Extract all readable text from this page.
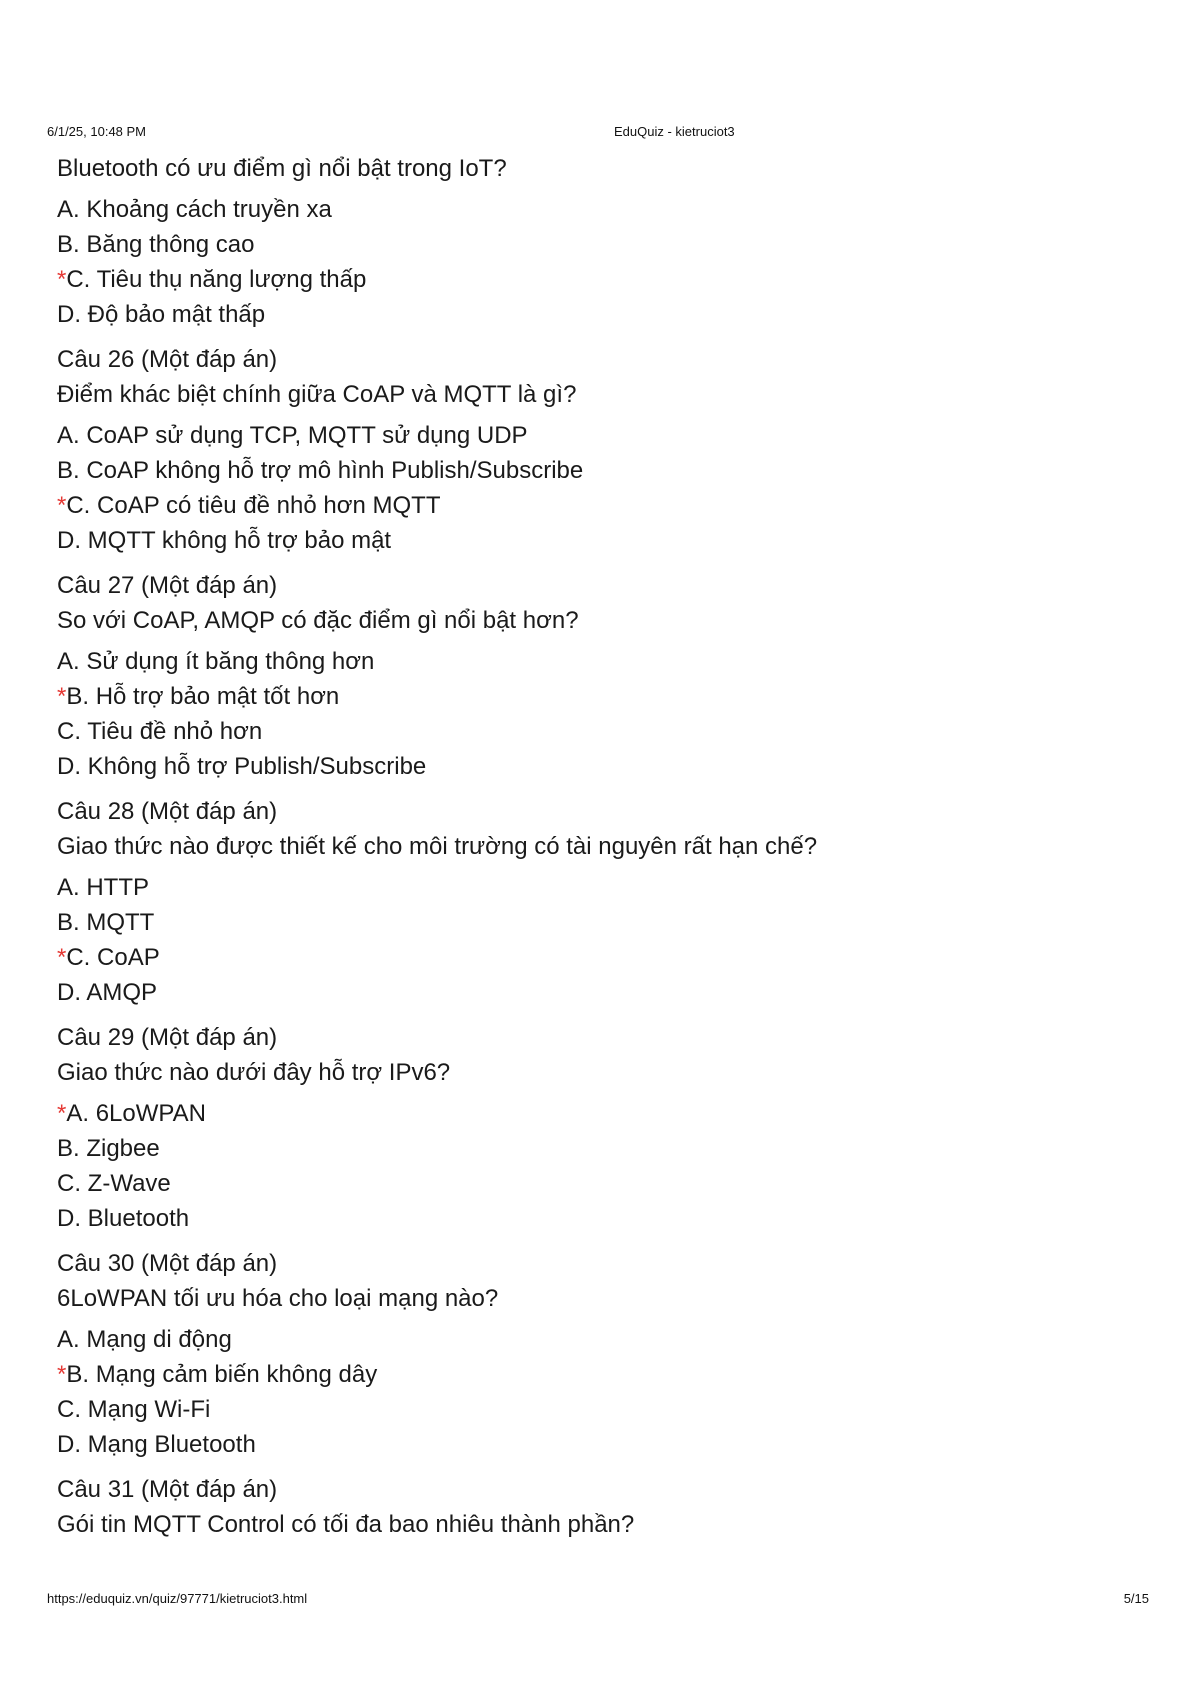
6/1/25, 10:48 PM	EduQuiz - kietruciot3
Bluetooth có ưu điểm gì nổi bật trong IoT?
A. Khoảng cách truyền xa
B. Băng thông cao
*C. Tiêu thụ năng lượng thấp
D. Độ bảo mật thấp
Câu 26 (Một đáp án)
Điểm khác biệt chính giữa CoAP và MQTT là gì?
A. CoAP sử dụng TCP, MQTT sử dụng UDP
B. CoAP không hỗ trợ mô hình Publish/Subscribe
*C. CoAP có tiêu đề nhỏ hơn MQTT
D. MQTT không hỗ trợ bảo mật
Câu 27 (Một đáp án)
So với CoAP, AMQP có đặc điểm gì nổi bật hơn?
A. Sử dụng ít băng thông hơn
*B. Hỗ trợ bảo mật tốt hơn
C. Tiêu đề nhỏ hơn
D. Không hỗ trợ Publish/Subscribe
Câu 28 (Một đáp án)
Giao thức nào được thiết kế cho môi trường có tài nguyên rất hạn chế?
A. HTTP
B. MQTT
*C. CoAP
D. AMQP
Câu 29 (Một đáp án)
Giao thức nào dưới đây hỗ trợ IPv6?
*A. 6LoWPAN
B. Zigbee
C. Z-Wave
D. Bluetooth
Câu 30 (Một đáp án)
6LoWPAN tối ưu hóa cho loại mạng nào?
A. Mạng di động
*B. Mạng cảm biến không dây
C. Mạng Wi-Fi
D. Mạng Bluetooth
Câu 31 (Một đáp án)
Gói tin MQTT Control có tối đa bao nhiêu thành phần?
https://eduquiz.vn/quiz/97771/kietruciot3.html	5/15
